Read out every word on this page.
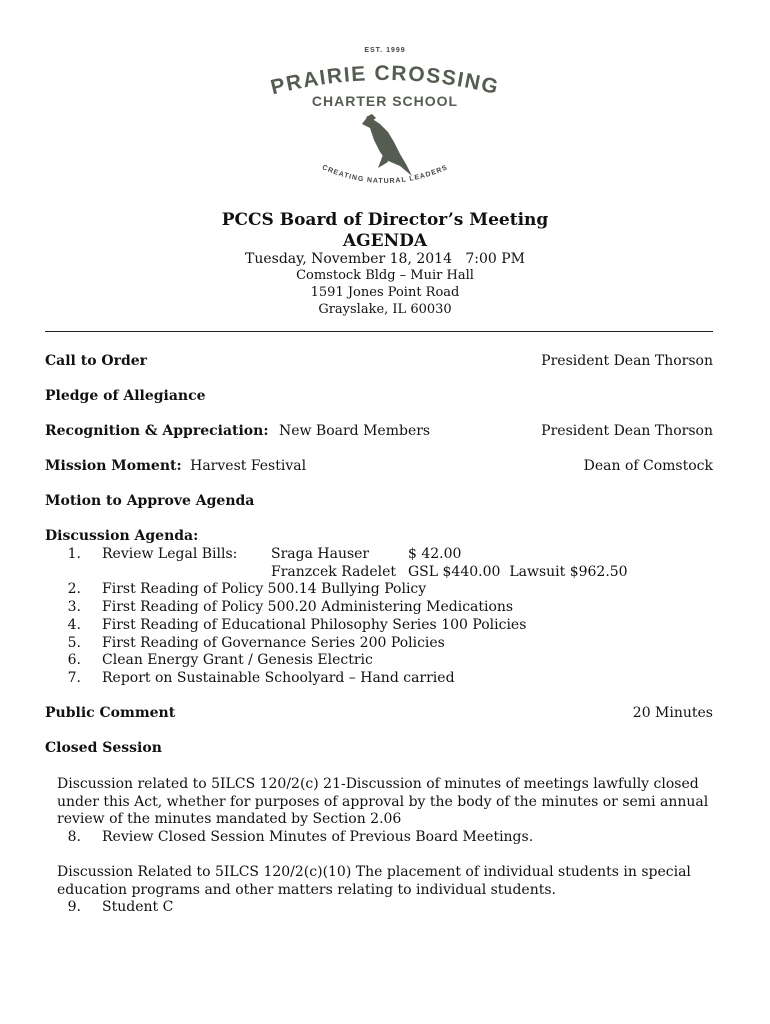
EST. 1999
PRAIRIE CROSSING
CHARTER SCHOOL
CREATING NATURAL LEADERS
PCCS Board of Director’s Meeting
AGENDA
Tuesday, November 18, 2014   7:00 PM
Comstock Bldg – Muir Hall
1591 Jones Point Road
Grayslake, IL 60030
Call to Order	President Dean Thorson
Pledge of Allegiance
Recognition & Appreciation: New Board Members	President Dean Thorson
Mission Moment: Harvest Festival	Dean of Comstock
Motion to Approve Agenda
Discussion Agenda:
1. Review Legal Bills: Sraga Hauser	$ 42.00
Franzcek Radelet GSL $440.00  Lawsuit $962.50
2. First Reading of Policy 500.14 Bullying Policy
3. First Reading of Policy 500.20 Administering Medications
4. First Reading of Educational Philosophy Series 100 Policies
5. First Reading of Governance Series 200 Policies
6. Clean Energy Grant / Genesis Electric
7. Report on Sustainable Schoolyard – Hand carried
Public Comment	20 Minutes
Closed Session
Discussion related to 5ILCS 120/2(c) 21-Discussion of minutes of meetings lawfully closed under this Act, whether for purposes of approval by the body of the minutes or semi annual review of the minutes mandated by Section 2.06
8. Review Closed Session Minutes of Previous Board Meetings.
Discussion Related to 5ILCS 120/2(c)(10) The placement of individual students in special education programs and other matters relating to individual students.
9. Student C
